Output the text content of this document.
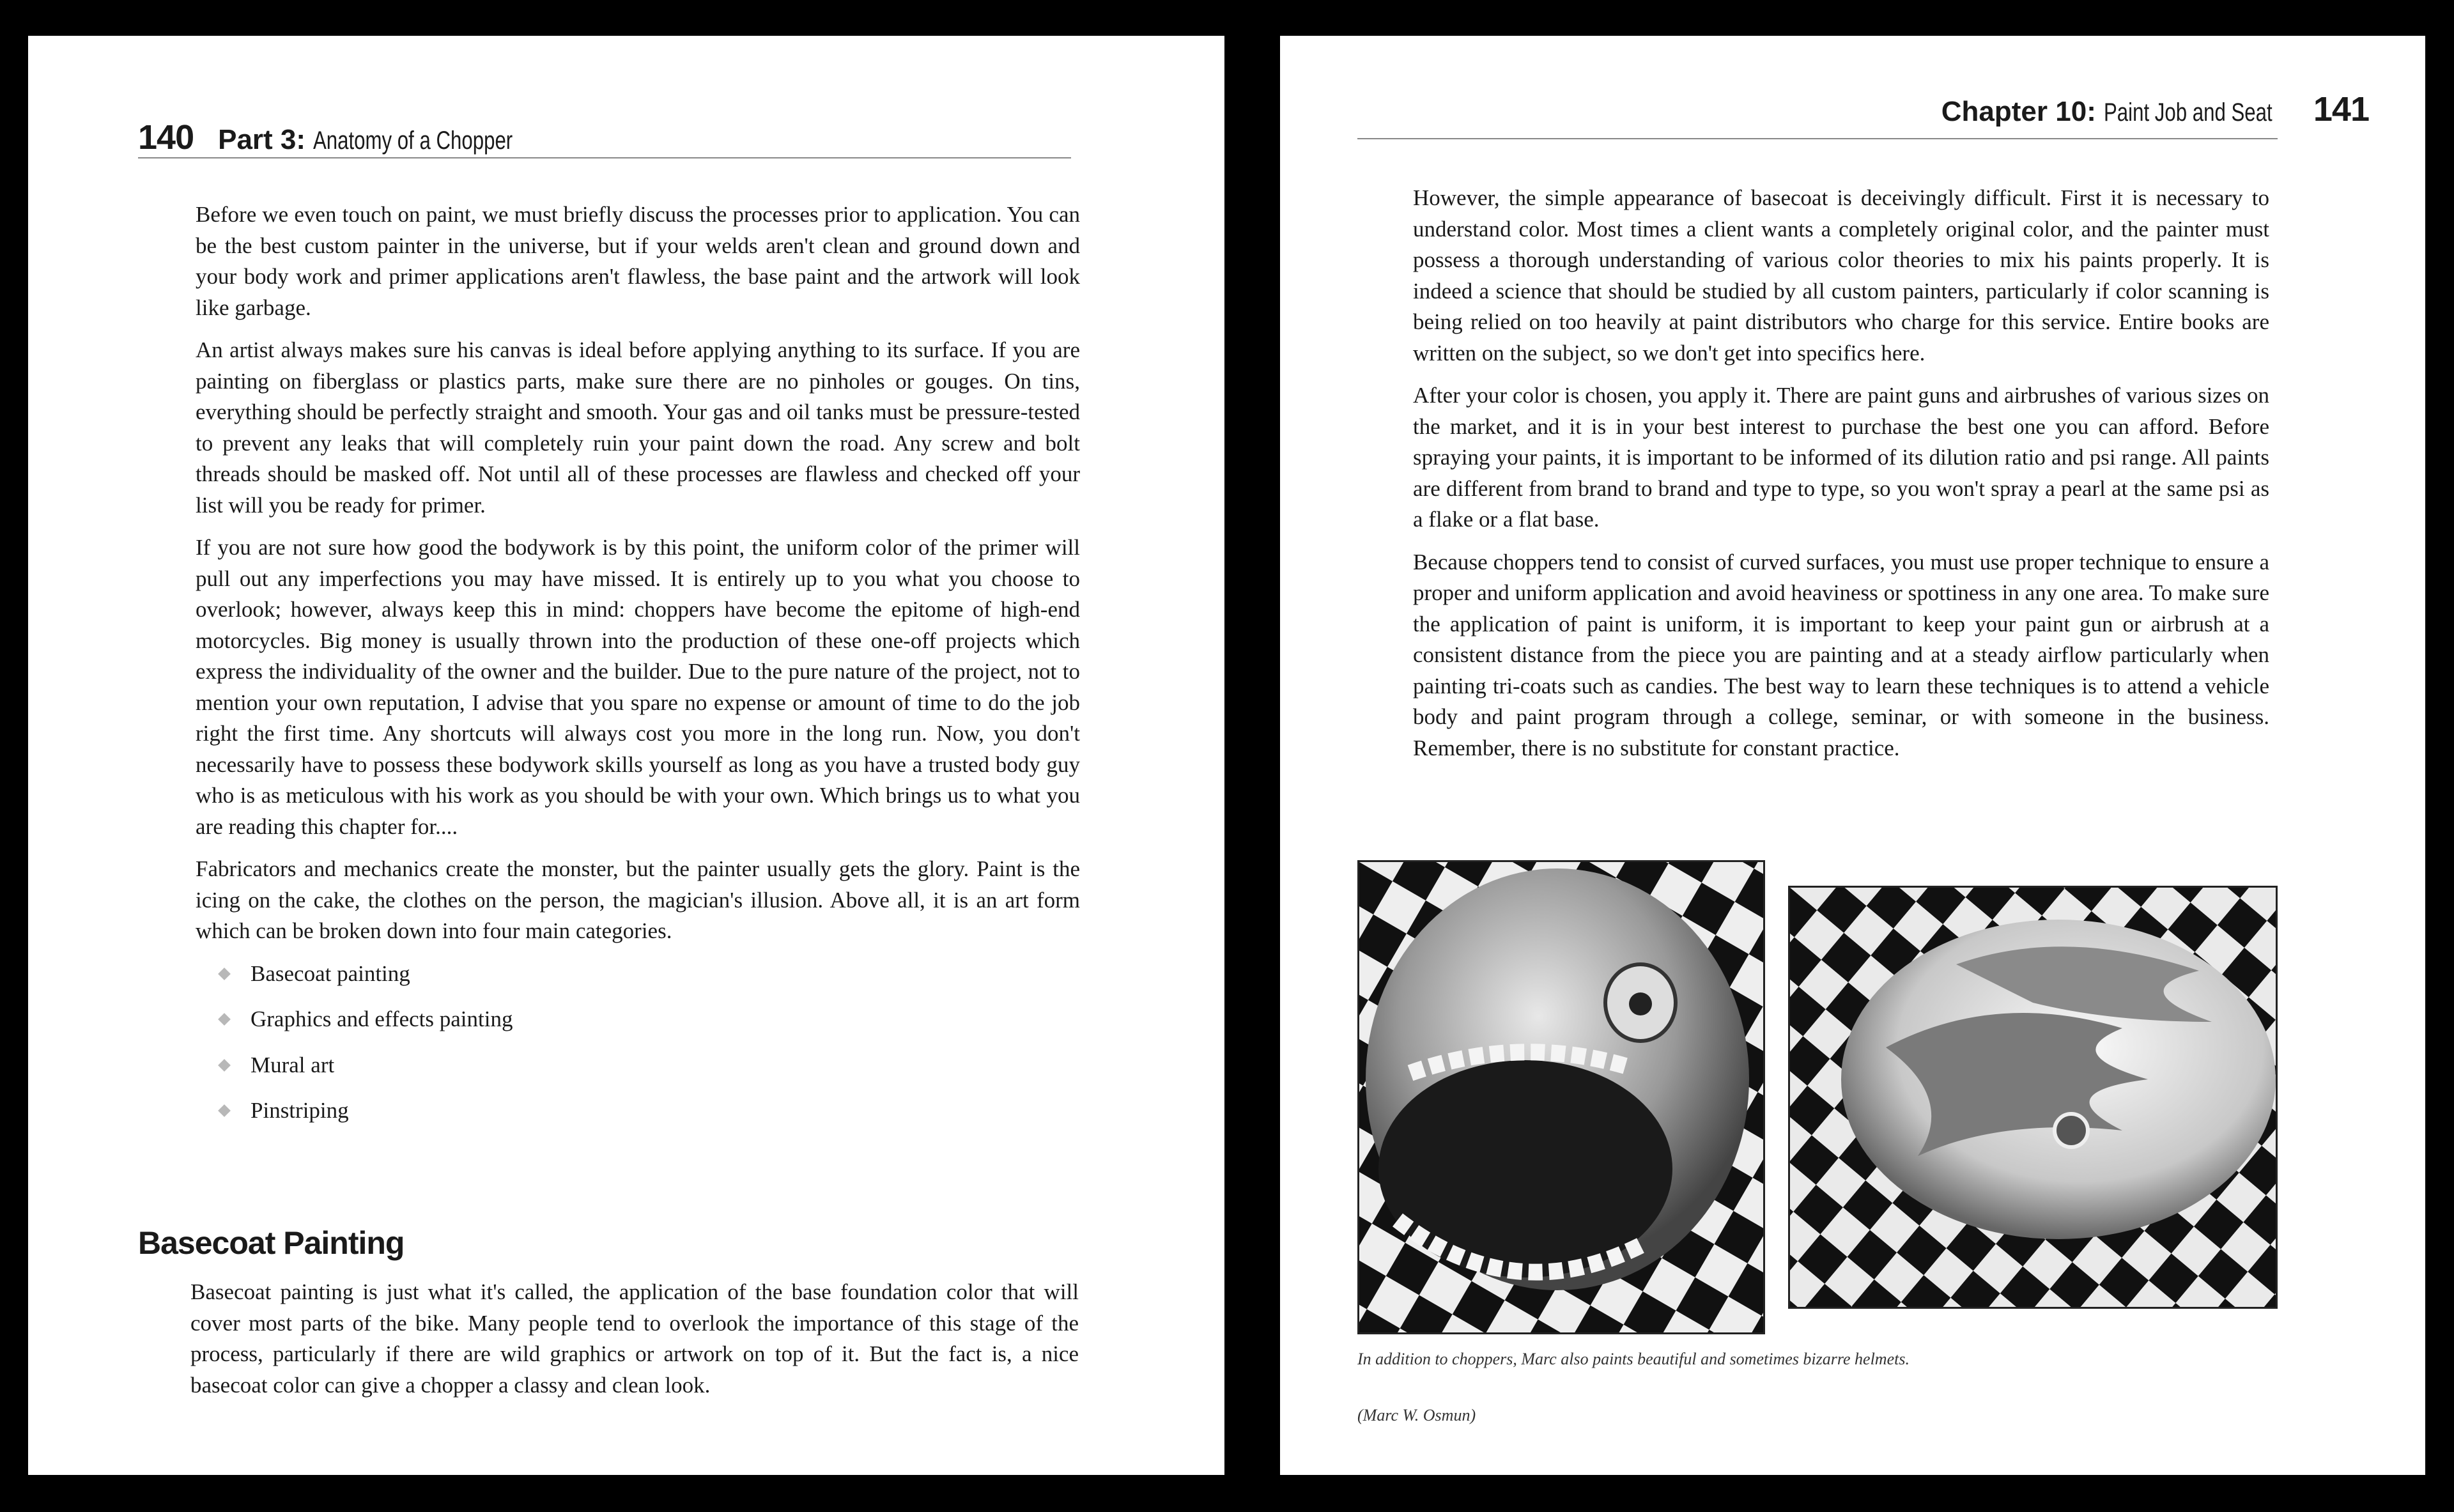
140 Part 3: Anatomy of a Chopper

Before we even touch on paint, we must briefly discuss the processes prior to application. You can be the best custom painter in the universe, but if your welds aren't clean and ground down and your body work and primer applications aren't flawless, the base paint and the artwork will look like garbage.

An artist always makes sure his canvas is ideal before applying anything to its surface. If you are painting on fiberglass or plastics parts, make sure there are no pinholes or gouges. On tins, everything should be perfectly straight and smooth. Your gas and oil tanks must be pressure-tested to prevent any leaks that will completely ruin your paint down the road. Any screw and bolt threads should be masked off. Not until all of these processes are flawless and checked off your list will you be ready for primer.

If you are not sure how good the bodywork is by this point, the uniform color of the primer will pull out any imperfections you may have missed. It is entirely up to you what you choose to overlook; however, always keep this in mind: choppers have become the epitome of high-end motorcycles. Big money is usually thrown into the production of these one-off projects which express the individuality of the owner and the builder. Due to the pure nature of the project, not to mention your own reputation, I advise that you spare no expense or amount of time to do the job right the first time. Any shortcuts will always cost you more in the long run. Now, you don't necessarily have to possess these bodywork skills yourself as long as you have a trusted body guy who is as meticulous with his work as you should be with your own. Which brings us to what you are reading this chapter for....

Fabricators and mechanics create the monster, but the painter usually gets the glory. Paint is the icing on the cake, the clothes on the person, the magician's illusion. Above all, it is an art form which can be broken down into four main categories.

Basecoat painting
Graphics and effects painting
Mural art
Pinstriping
Basecoat Painting

Basecoat painting is just what it's called, the application of the base foundation color that will cover most parts of the bike. Many people tend to overlook the importance of this stage of the process, particularly if there are wild graphics or artwork on top of it. But the fact is, a nice basecoat color can give a chopper a classy and clean look.

Chapter 10: Paint Job and Seat 141

However, the simple appearance of basecoat is deceivingly difficult. First it is necessary to understand color. Most times a client wants a completely original color, and the painter must possess a thorough understanding of various color theories to mix his paints properly. It is indeed a science that should be studied by all custom painters, particularly if color scanning is being relied on too heavily at paint distributors who charge for this service. Entire books are written on the subject, so we don't get into specifics here.

After your color is chosen, you apply it. There are paint guns and airbrushes of various sizes on the market, and it is in your best interest to purchase the best one you can afford. Before spraying your paints, it is important to be informed of its dilution ratio and psi range. All paints are different from brand to brand and type to type, so you won't spray a pearl at the same psi as a flake or a flat base.

Because choppers tend to consist of curved surfaces, you must use proper technique to ensure a proper and uniform application and avoid heaviness or spottiness in any one area. To make sure the application of paint is uniform, it is important to keep your paint gun or airbrush at a consistent distance from the piece you are painting and at a steady airflow particularly when painting tri-coats such as candies. The best way to learn these techniques is to attend a vehicle body and paint program through a college, seminar, or with someone in the business. Remember, there is no substitute for constant practice.

In addition to choppers, Marc also paints beautiful and sometimes bizarre helmets.
(Marc W. Osmun)
